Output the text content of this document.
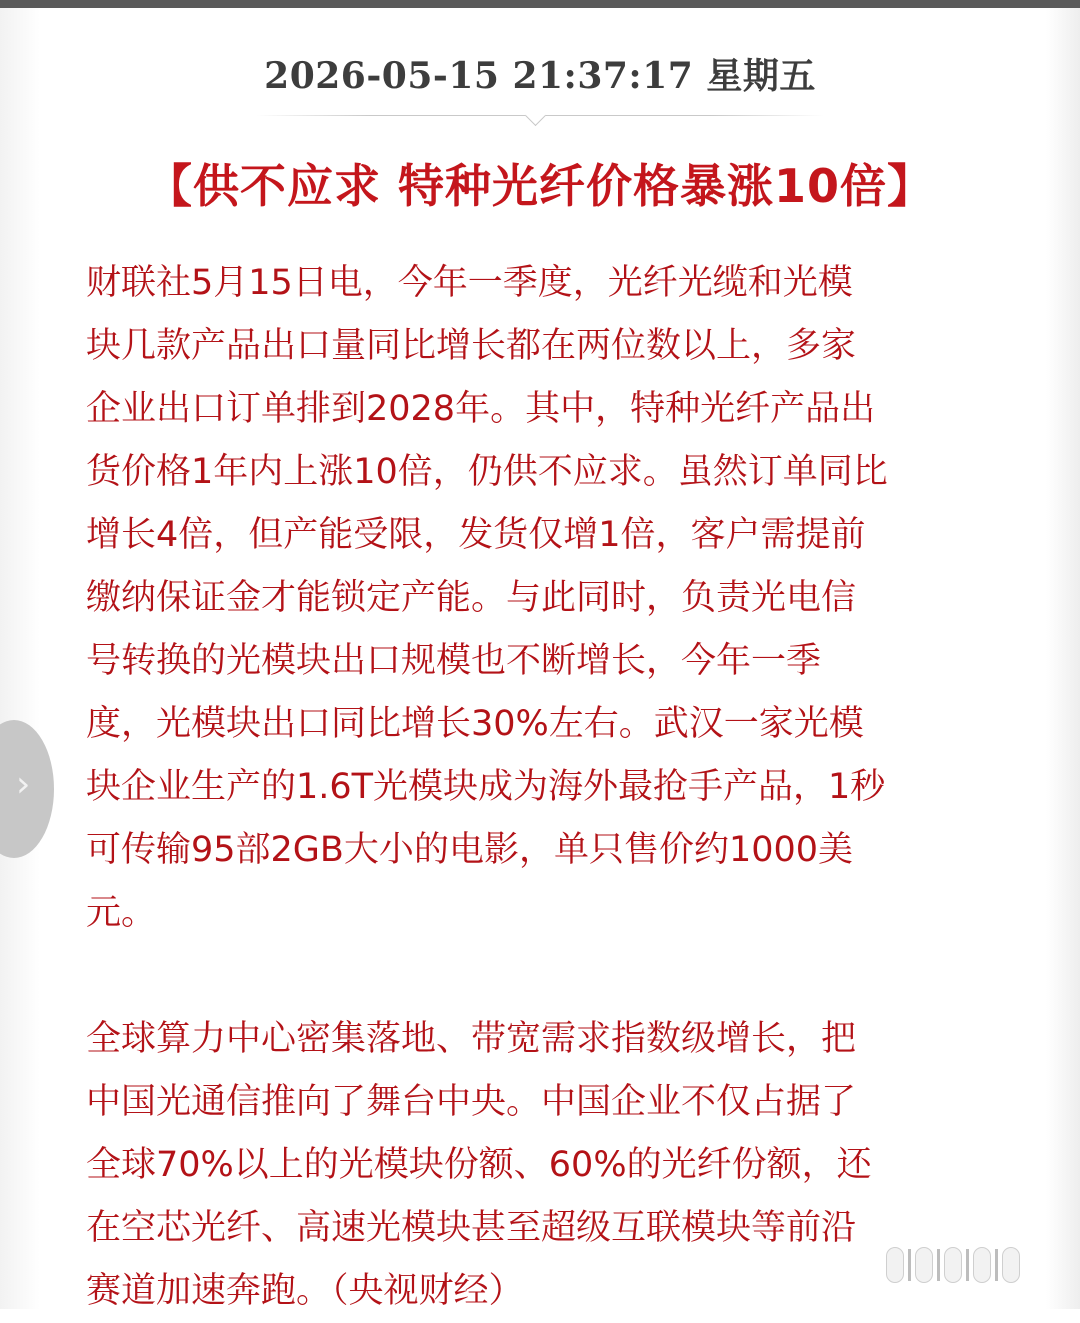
2026-05-15 21:37:17 星期五
【供不应求 特种光纤价格暴涨10倍】
财联社5月15日电，今年一季度，光纤光缆和光模
块几款产品出口量同比增长都在两位数以上，多家
企业出口订单排到2028年。其中，特种光纤产品出
货价格1年内上涨10倍，仍供不应求。虽然订单同比
增长4倍，但产能受限，发货仅增1倍，客户需提前
缴纳保证金才能锁定产能。与此同时，负责光电信
号转换的光模块出口规模也不断增长，今年一季
度，光模块出口同比增长30%左右。武汉一家光模
块企业生产的1.6T光模块成为海外最抢手产品，1秒
可传输95部2GB大小的电影，单只售价约1000美
元。
全球算力中心密集落地、带宽需求指数级增长，把
中国光通信推向了舞台中央。中国企业不仅占据了
全球70%以上的光模块份额、60%的光纤份额，还
在空芯光纤、高速光模块甚至超级互联模块等前沿
赛道加速奔跑。（央视财经）
›
